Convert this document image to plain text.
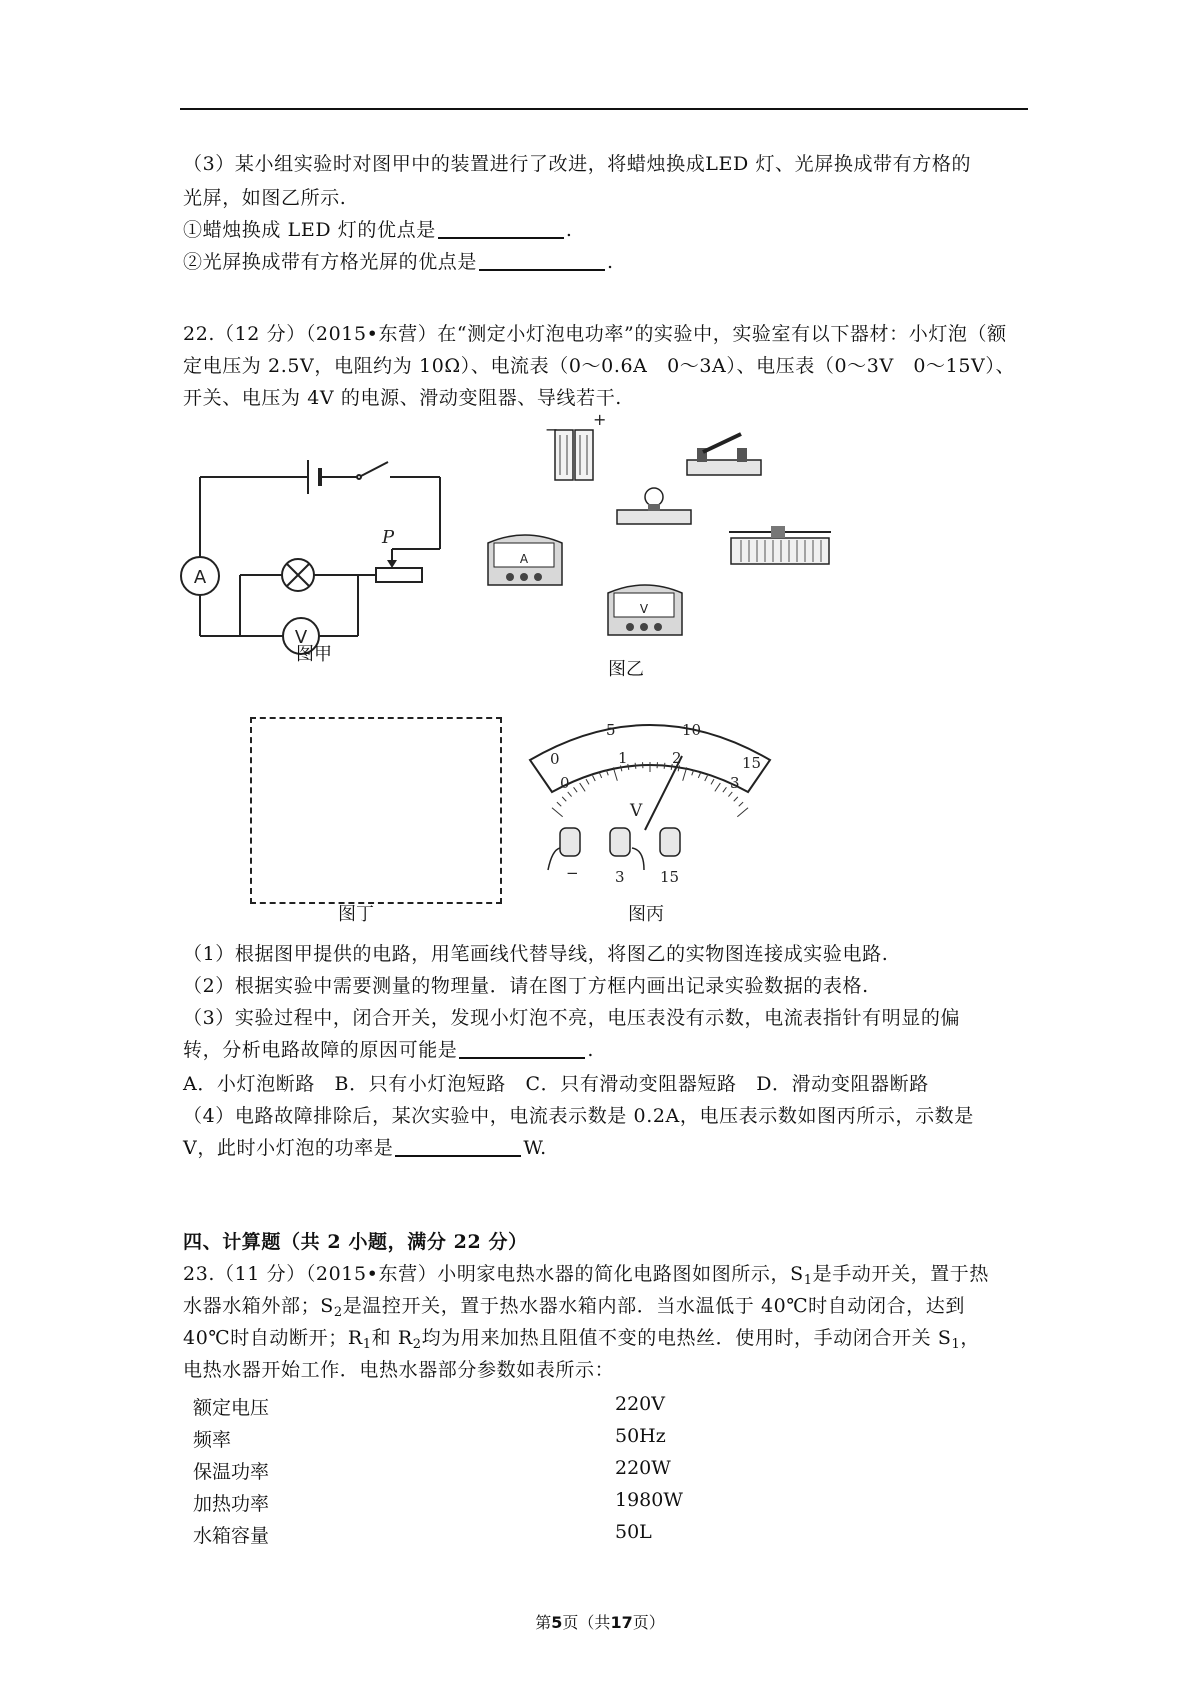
（3）某小组实验时对图甲中的装置进行了改进，将蜡烛换成LED 灯、光屏换成带有方格的
光屏，如图乙所示.
①蜡烛换成 LED 灯的优点是	.
②光屏换成带有方格光屏的优点是	.
22.（12 分）（2015•东营）在“测定小灯泡电功率”的实验中，实验室有以下器材：小灯泡（额
定电压为 2.5V，电阻约为 10Ω）、电流表（0～0.6A　0～3A）、电压表（0～3V　0～15V）、
开关、电压为 4V 的电源、滑动变阻器、导线若干.
A
V
P
图甲
−
+
A
V
图乙
图丁
0
5	10
15
0
1	2
3
V
− 3 15
图丙
（1）根据图甲提供的电路，用笔画线代替导线，将图乙的实物图连接成实验电路.
（2）根据实验中需要测量的物理量．请在图丁方框内画出记录实验数据的表格.
（3）实验过程中，闭合开关，发现小灯泡不亮，电压表没有示数，电流表指针有明显的偏
转，分析电路故障的原因可能是	.
A．小灯泡断路　B．只有小灯泡短路　C．只有滑动变阻器短路　D．滑动变阻器断路
（4）电路故障排除后，某次实验中，电流表示数是 0.2A，电压表示数如图丙所示，示数是
V，此时小灯泡的功率是	W.
四、计算题（共 2 小题，满分 22 分）
23.（11 分）（2015•东营）小明家电热水器的简化电路图如图所示，$S_1$是手动开关，置于热
水器水箱外部；$S_2$是温控开关，置于热水器水箱内部．当水温低于 40℃时自动闭合，达到
40℃时自动断开；$R_1$和 $R_2$均为用来加热且阻值不变的电热丝．使用时，手动闭合开关 $S_1$，
电热水器开始工作．电热水器部分参数如表所示：
额定电压	220V
频率	50Hz
保温功率	220W
加热功率	1980W
水箱容量	50L
第5页（共17页）
